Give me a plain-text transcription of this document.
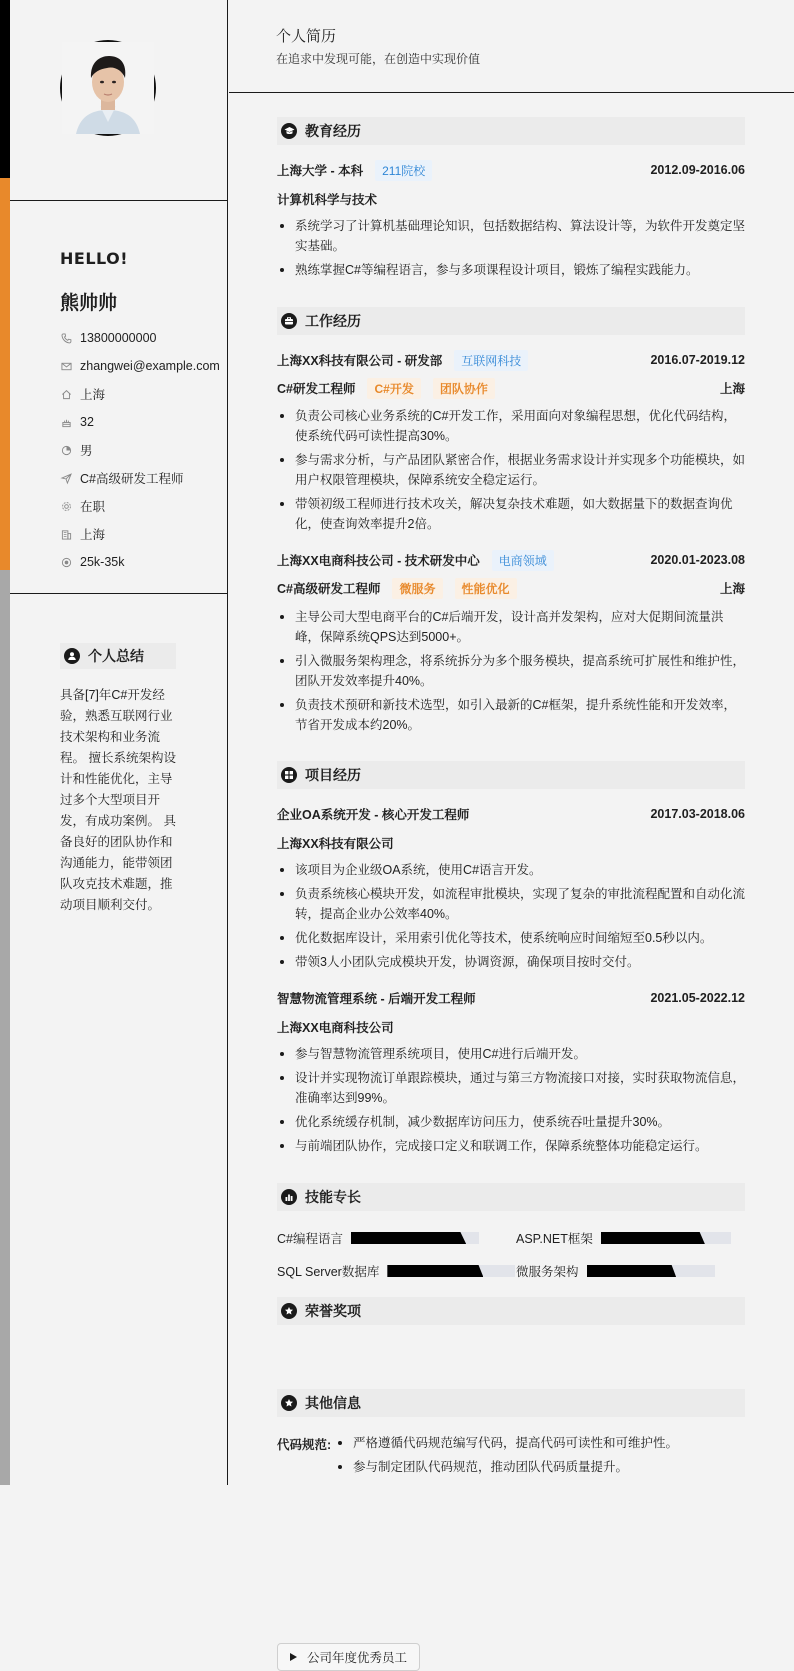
HELLO!
熊帅帅
13800000000
zhangwei@example.com
上海
32
男
C#高级研发工程师
在职
上海
25k-35k
个人总结
具备[7]年C#开发经验，熟悉互联网行业技术架构和业务流程。 擅长系统架构设计和性能优化，主导过多个大型项目开发，有成功案例。 具备良好的团队协作和沟通能力，能带领团队攻克技术难题，推动项目顺利交付。
个人简历
在追求中发现可能，在创造中实现价值
教育经历
上海大学 - 本科	211院校	2012.09-2016.06
计算机科学与技术
系统学习了计算机基础理论知识，包括数据结构、算法设计等，为软件开发奠定坚实基础。
熟练掌握C#等编程语言，参与多项课程设计项目，锻炼了编程实践能力。
工作经历
上海XX科技有限公司 - 研发部	互联网科技	2016.07-2019.12
C#研发工程师	C#开发	团队协作	上海
负责公司核心业务系统的C#开发工作，采用面向对象编程思想，优化代码结构，使系统代码可读性提高30%。
参与需求分析，与产品团队紧密合作，根据业务需求设计并实现多个功能模块，如用户权限管理模块，保障系统安全稳定运行。
带领初级工程师进行技术攻关，解决复杂技术难题，如大数据量下的数据查询优化，使查询效率提升2倍。
上海XX电商科技公司 - 技术研发中心	电商领域	2020.01-2023.08
C#高级研发工程师	微服务	性能优化	上海
主导公司大型电商平台的C#后端开发，设计高并发架构，应对大促期间流量洪峰，保障系统QPS达到5000+。
引入微服务架构理念，将系统拆分为多个服务模块，提高系统可扩展性和维护性，团队开发效率提升40%。
负责技术预研和新技术选型，如引入最新的C#框架，提升系统性能和开发效率，节省开发成本约20%。
项目经历
企业OA系统开发 - 核心开发工程师	2017.03-2018.06
上海XX科技有限公司
该项目为企业级OA系统，使用C#语言开发。
负责系统核心模块开发，如流程审批模块，实现了复杂的审批流程配置和自动化流转，提高企业办公效率40%。
优化数据库设计，采用索引优化等技术，使系统响应时间缩短至0.5秒以内。
带领3人小团队完成模块开发，协调资源，确保项目按时交付。
智慧物流管理系统 - 后端开发工程师	2021.05-2022.12
上海XX电商科技公司
参与智慧物流管理系统项目，使用C#进行后端开发。
设计并实现物流订单跟踪模块，通过与第三方物流接口对接，实时获取物流信息，准确率达到99%。
优化系统缓存机制，减少数据库访问压力，使系统吞吐量提升30%。
与前端团队协作，完成接口定义和联调工作，保障系统整体功能稳定运行。
技能专长
C#编程语言	ASP.NET框架
SQL Server数据库	微服务架构
荣誉奖项
其他信息
代码规范:	严格遵循代码规范编写代码，提高代码可读性和可维护性。
参与制定团队代码规范，推动团队代码质量提升。
公司年度优秀员工
